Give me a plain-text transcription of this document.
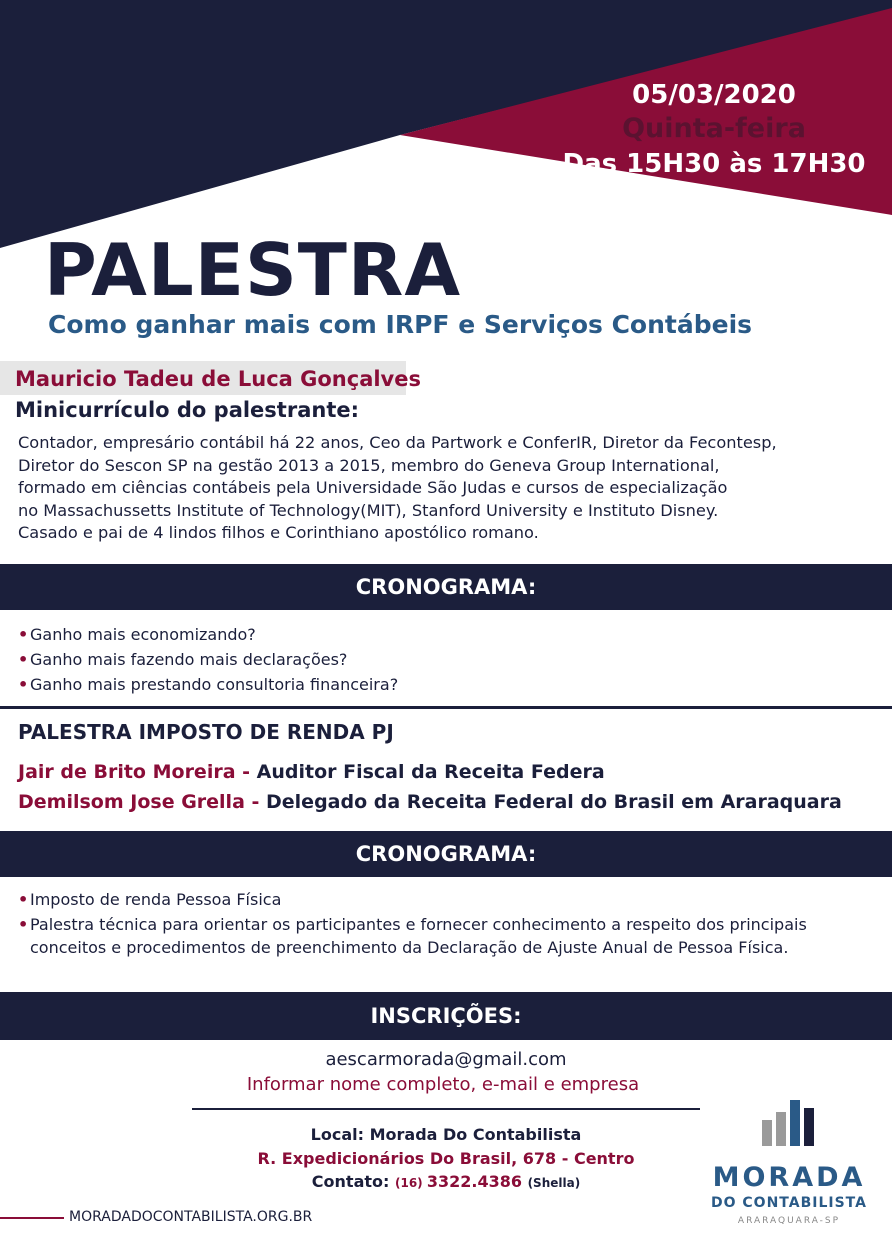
05/03/2020
Quinta-feira
Das 15H30 às 17H30
PALESTRA
Como ganhar mais com IRPF e Serviços Contábeis
Mauricio Tadeu de Luca Gonçalves
Minicurrículo do palestrante:
Contador, empresário contábil há 22 anos, Ceo da Partwork e ConferIR, Diretor da Fecontesp,
Diretor do Sescon SP na gestão 2013 a 2015, membro do Geneva Group International,
formado em ciências contábeis pela Universidade São Judas e cursos de especialização
no Massachussetts Institute of Technology(MIT), Stanford University e Instituto Disney.
Casado e pai de 4 lindos filhos e Corinthiano apostólico romano.
CRONOGRAMA:
• Ganho mais economizando?
• Ganho mais fazendo mais declarações?
• Ganho mais prestando consultoria financeira?
PALESTRA IMPOSTO DE RENDA PJ
Jair de Brito Moreira - Auditor Fiscal da Receita Federa
Demilsom Jose Grella - Delegado da Receita Federal do Brasil em Araraquara
CRONOGRAMA:
• Imposto de renda Pessoa Física
• Palestra técnica para orientar os participantes e fornecer conhecimento a respeito dos principais conceitos e procedimentos de preenchimento da Declaração de Ajuste Anual de Pessoa Física.
INSCRIÇÕES:
aescarmorada@gmail.com
Informar nome completo, e-mail e empresa
Local: Morada Do Contabilista
R. Expedicionários Do Brasil, 678 - Centro
Contato: (16) 3322.4386 (Shella)
MORADADOCONTABILISTA.ORG.BR
MORADA
DO CONTABILISTA
ARARAQUARA-SP
